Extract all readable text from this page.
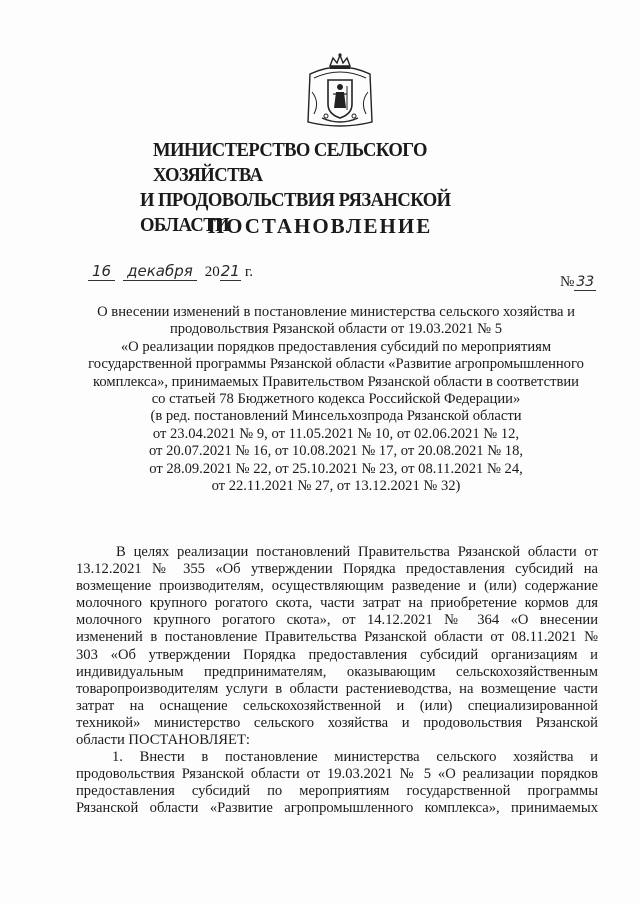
МИНИСТЕРСТВО СЕЛЬСКОГО ХОЗЯЙСТВА
И ПРОДОВОЛЬСТВИЯ РЯЗАНСКОЙ ОБЛАСТИ
ПОСТАНОВЛЕНИЕ
16 декабря 20 21 г.
№ 33
О внесении изменений в постановление министерства сельского хозяйства и
продовольствия Рязанской области от 19.03.2021 № 5
«О реализации порядков предоставления субсидий по мероприятиям
государственной программы Рязанской области «Развитие агропромышленного
комплекса», принимаемых Правительством Рязанской области в соответствии
со статьей 78 Бюджетного кодекса Российской Федерации»
(в ред. постановлений Минсельхозпрода Рязанской области
от 23.04.2021 № 9, от 11.05.2021 № 10, от 02.06.2021 № 12,
от 20.07.2021 № 16, от 10.08.2021 № 17, от 20.08.2021 № 18,
от 28.09.2021 № 22, от 25.10.2021 № 23, от 08.11.2021 № 24,
от 22.11.2021 № 27, от 13.12.2021 № 32)
В целях реализации постановлений Правительства Рязанской области от
13.12.2021 № 355 «Об утверждении Порядка предоставления субсидий на
возмещение производителям, осуществляющим разведение и (или) содержание
молочного крупного рогатого скота, части затрат на приобретение кормов для
молочного крупного рогатого скота», от 14.12.2021 № 364 «О внесении
изменений в постановление Правительства Рязанской области от 08.11.2021 №
303 «Об утверждении Порядка предоставления субсидий организациям и
индивидуальным предпринимателям, оказывающим сельскохозяйственным
товаропроизводителям услуги в области растениеводства, на возмещение части
затрат на оснащение сельскохозяйственной и (или) специализированной
техникой» министерство сельского хозяйства и продовольствия Рязанской
области ПОСТАНОВЛЯЕТ:
1. Внести в постановление министерства сельского хозяйства и
продовольствия Рязанской области от 19.03.2021 № 5 «О реализации порядков
предоставления субсидий по мероприятиям государственной программы
Рязанской области «Развитие агропромышленного комплекса», принимаемых
